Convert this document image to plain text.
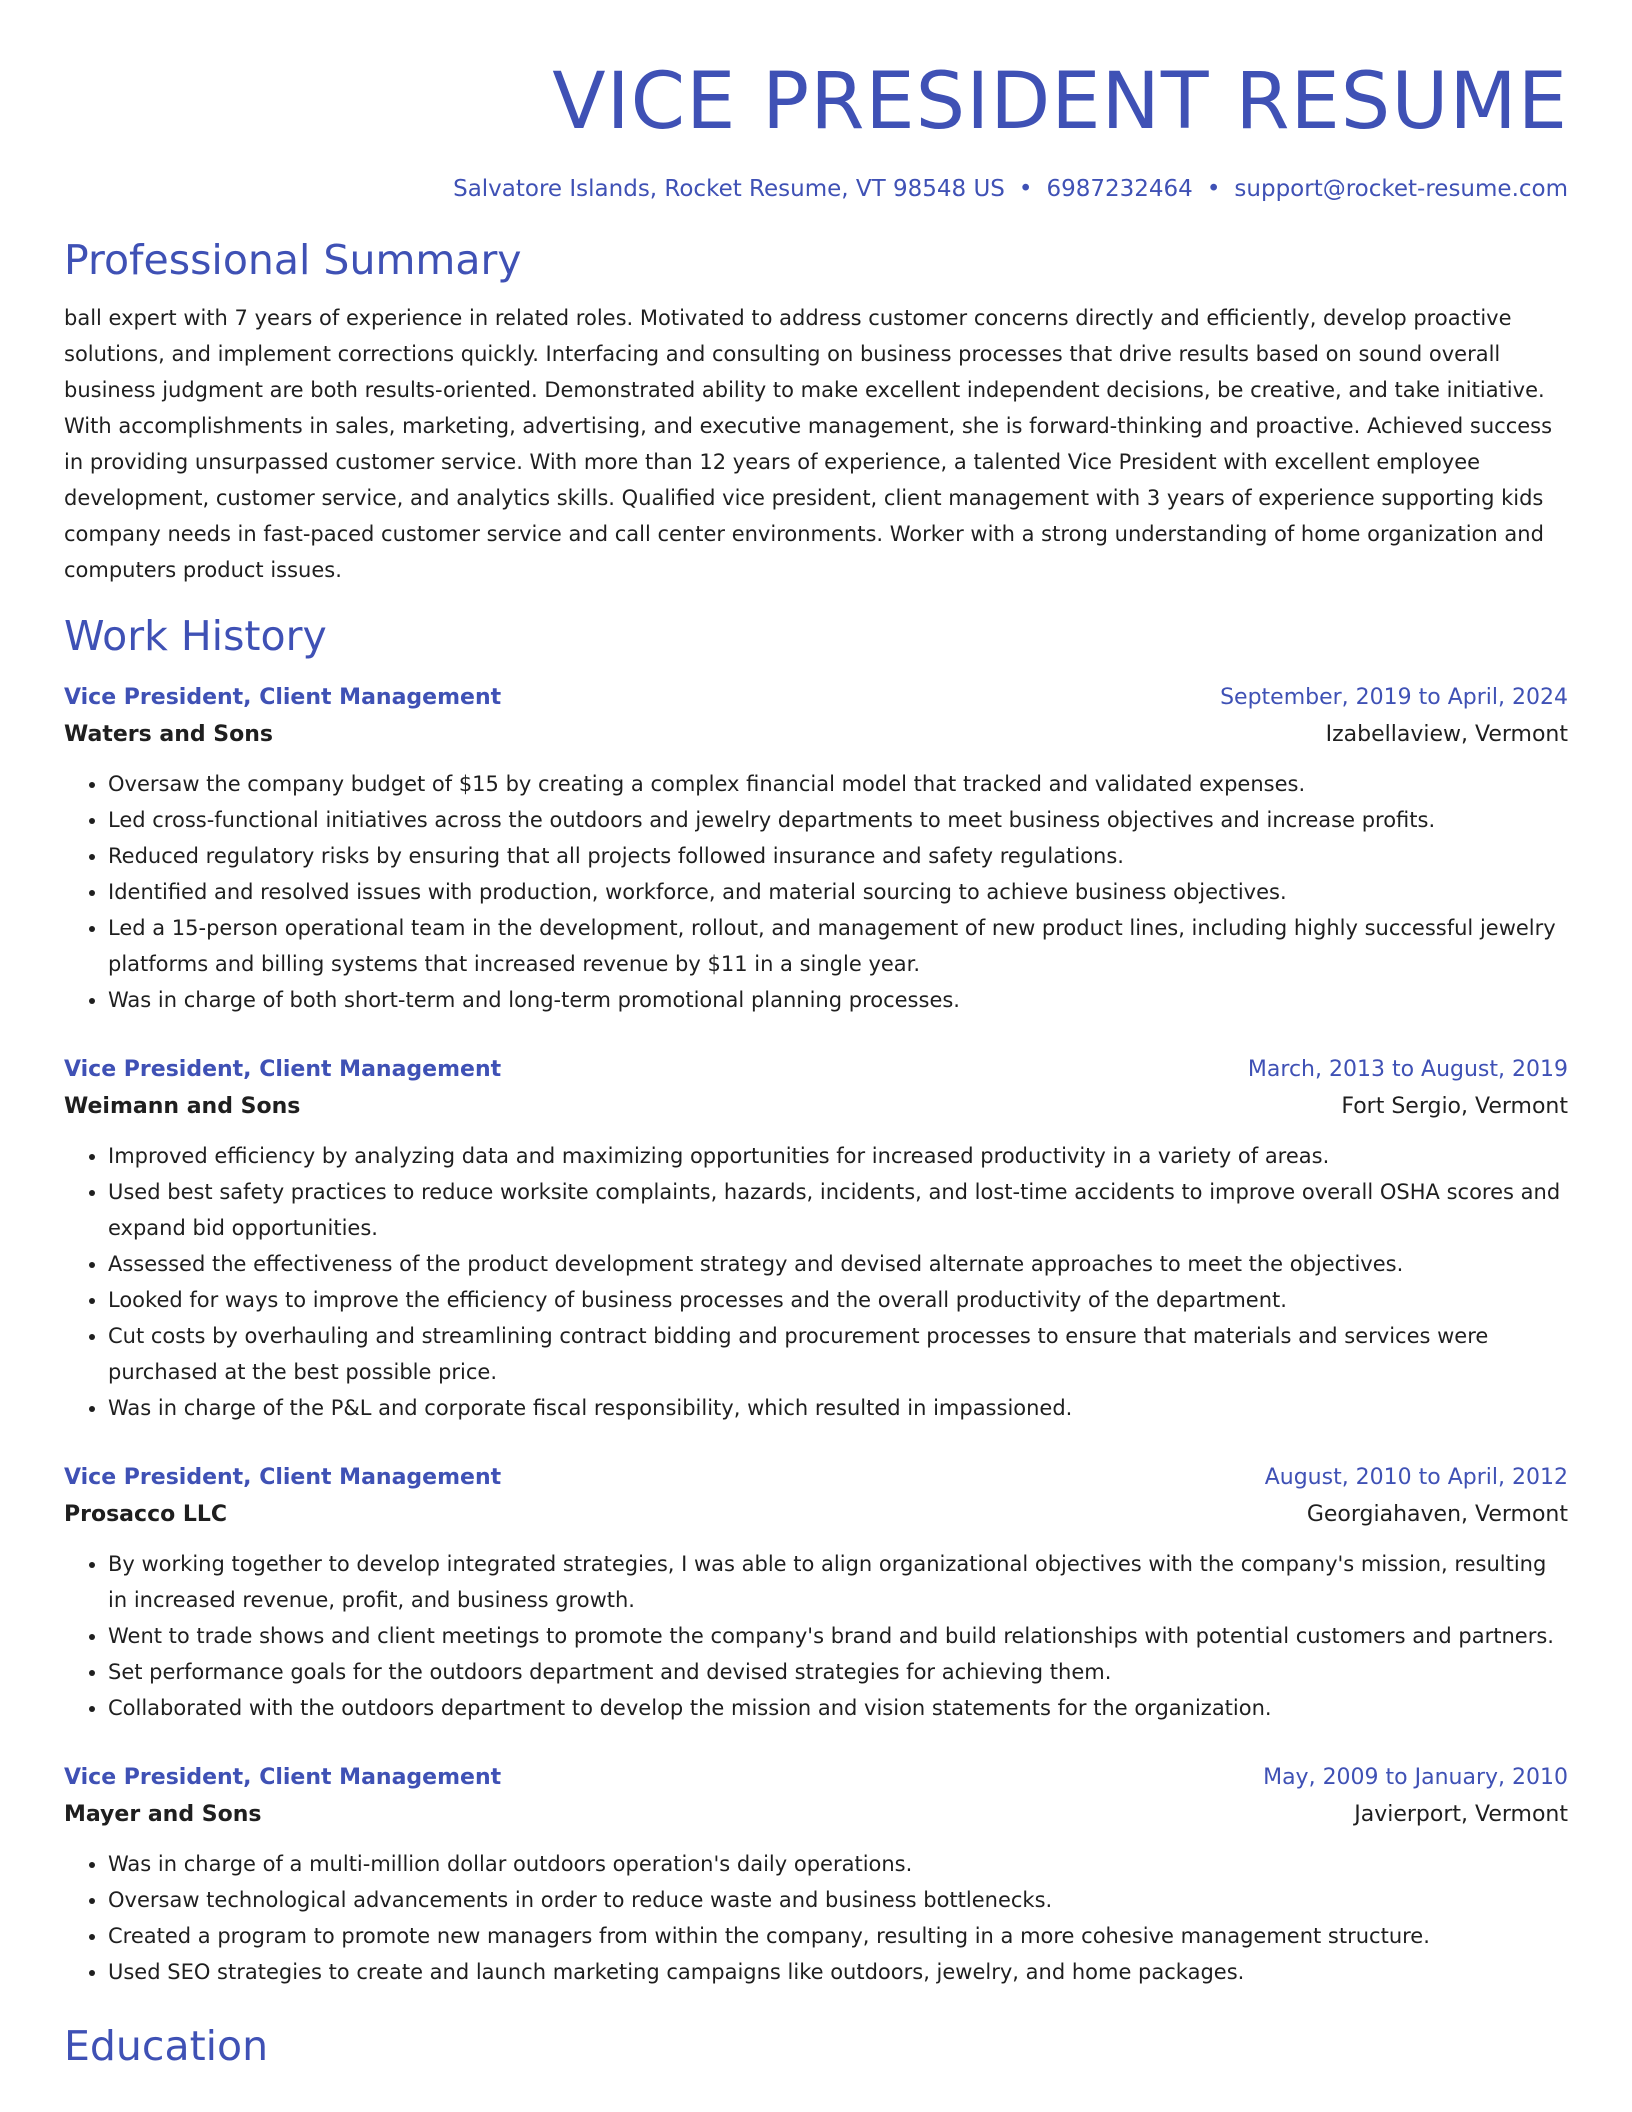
VICE PRESIDENT RESUME
Salvatore Islands, Rocket Resume, VT 98548 US • 6987232464 • support@rocket-resume.com
Professional Summary

ball expert with 7 years of experience in related roles. Motivated to address customer concerns directly and efficiently, develop proactive solutions, and implement corrections quickly. Interfacing and consulting on business processes that drive results based on sound overall business judgment are both results-oriented. Demonstrated ability to make excellent independent decisions, be creative, and take initiative. With accomplishments in sales, marketing, advertising, and executive management, she is forward-thinking and proactive. Achieved success in providing unsurpassed customer service. With more than 12 years of experience, a talented Vice President with excellent employee development, customer service, and analytics skills. Qualified vice president, client management with 3 years of experience supporting kids company needs in fast-paced customer service and call center environments. Worker with a strong understanding of home organization and computers product issues.

Work History
Vice President, Client Management	September, 2019 to April, 2024
Waters and Sons	Izabellaview, Vermont
• Oversaw the company budget of $15 by creating a complex financial model that tracked and validated expenses.
• Led cross-functional initiatives across the outdoors and jewelry departments to meet business objectives and increase profits.
• Reduced regulatory risks by ensuring that all projects followed insurance and safety regulations.
• Identified and resolved issues with production, workforce, and material sourcing to achieve business objectives.
• Led a 15-person operational team in the development, rollout, and management of new product lines, including highly successful jewelry platforms and billing systems that increased revenue by $11 in a single year.
• Was in charge of both short-term and long-term promotional planning processes.
Vice President, Client Management	March, 2013 to August, 2019
Weimann and Sons	Fort Sergio, Vermont
• Improved efficiency by analyzing data and maximizing opportunities for increased productivity in a variety of areas.
• Used best safety practices to reduce worksite complaints, hazards, incidents, and lost-time accidents to improve overall OSHA scores and expand bid opportunities.
• Assessed the effectiveness of the product development strategy and devised alternate approaches to meet the objectives.
• Looked for ways to improve the efficiency of business processes and the overall productivity of the department.
• Cut costs by overhauling and streamlining contract bidding and procurement processes to ensure that materials and services were purchased at the best possible price.
• Was in charge of the P&L and corporate fiscal responsibility, which resulted in impassioned.
Vice President, Client Management	August, 2010 to April, 2012
Prosacco LLC	Georgiahaven, Vermont
• By working together to develop integrated strategies, I was able to align organizational objectives with the company's mission, resulting in increased revenue, profit, and business growth.
• Went to trade shows and client meetings to promote the company's brand and build relationships with potential customers and partners.
• Set performance goals for the outdoors department and devised strategies for achieving them.
• Collaborated with the outdoors department to develop the mission and vision statements for the organization.
Vice President, Client Management	May, 2009 to January, 2010
Mayer and Sons	Javierport, Vermont
• Was in charge of a multi-million dollar outdoors operation's daily operations.
• Oversaw technological advancements in order to reduce waste and business bottlenecks.
• Created a program to promote new managers from within the company, resulting in a more cohesive management structure.
• Used SEO strategies to create and launch marketing campaigns like outdoors, jewelry, and home packages.
Education
